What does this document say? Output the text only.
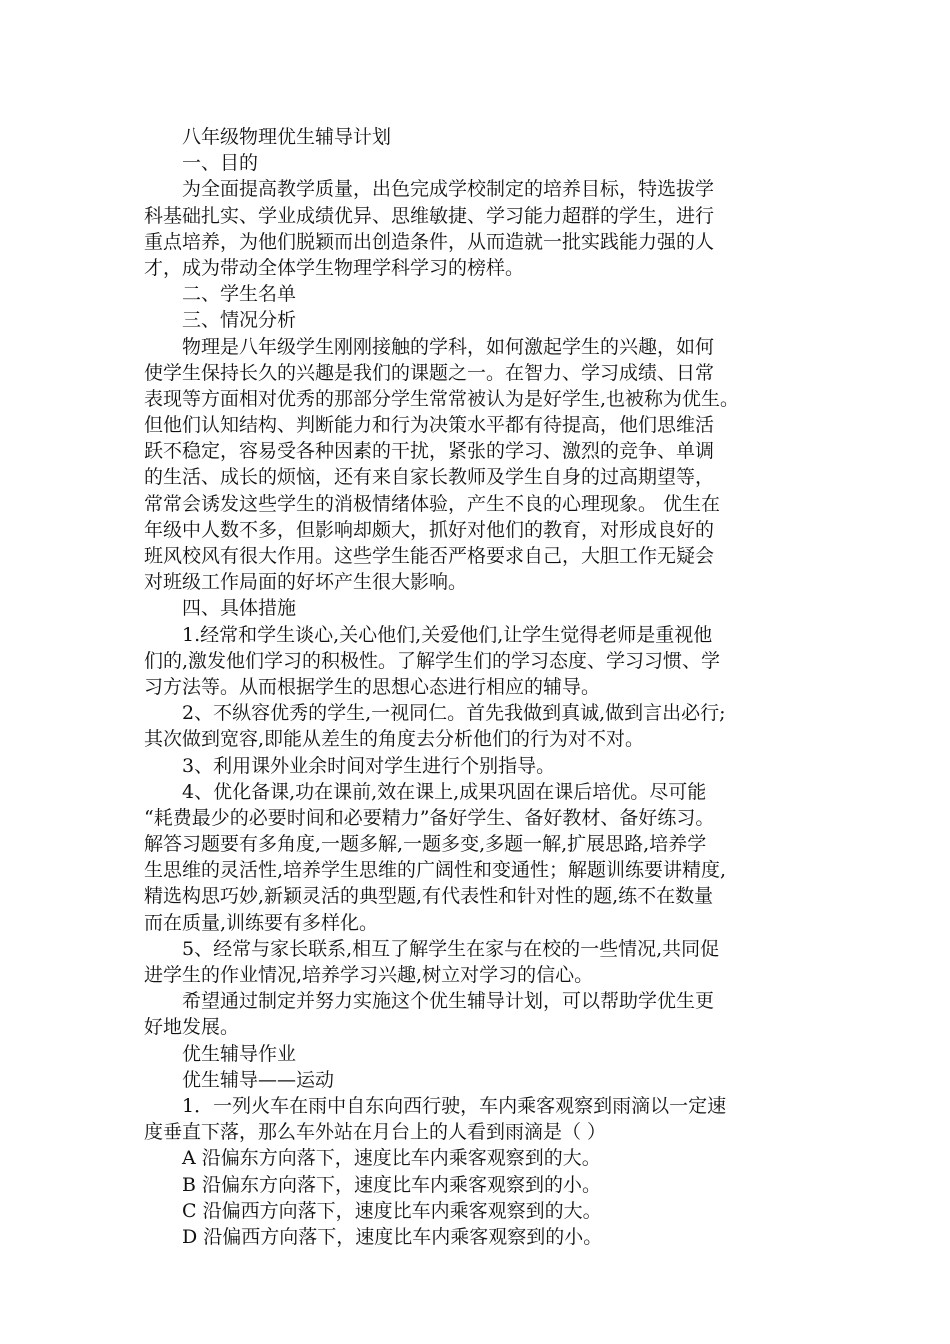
八年级物理优生辅导计划
一、目的
为全面提高教学质量，出色完成学校制定的培养目标，特选拔学
科基础扎实、学业成绩优异、思维敏捷、学习能力超群的学生，进行
重点培养，为他们脱颖而出创造条件，从而造就一批实践能力强的人
才，成为带动全体学生物理学科学习的榜样。
二、学生名单
三、情况分析
物理是八年级学生刚刚接触的学科，如何激起学生的兴趣，如何
使学生保持长久的兴趣是我们的课题之一。在智力、学习成绩、日常
表现等方面相对优秀的那部分学生常常被认为是好学生,也被称为优生。
但他们认知结构、判断能力和行为决策水平都有待提高，他们思维活
跃不稳定，容易受各种因素的干扰，紧张的学习、激烈的竞争、单调
的生活、成长的烦恼，还有来自家长教师及学生自身的过高期望等，
常常会诱发这些学生的消极情绪体验，产生不良的心理现象。 优生在
年级中人数不多，但影响却颇大，抓好对他们的教育，对形成良好的
班风校风有很大作用。这些学生能否严格要求自己，大胆工作无疑会
对班级工作局面的好坏产生很大影响。
四、具体措施
1.经常和学生谈心,关心他们,关爱他们,让学生觉得老师是重视他
们的,激发他们学习的积极性。了解学生们的学习态度、学习习惯、学
习方法等。从而根据学生的思想心态进行相应的辅导。
2、不纵容优秀的学生,一视同仁。首先我做到真诚,做到言出必行;
其次做到宽容,即能从差生的角度去分析他们的行为对不对。
3、利用课外业余时间对学生进行个别指导。
4、优化备课,功在课前,效在课上,成果巩固在课后培优。尽可能
“耗费最少的必要时间和必要精力”备好学生、备好教材、备好练习。
解答习题要有多角度,一题多解,一题多变,多题一解,扩展思路,培养学
生思维的灵活性,培养学生思维的广阔性和变通性；解题训练要讲精度,
精选构思巧妙,新颖灵活的典型题,有代表性和针对性的题,练不在数量
而在质量,训练要有多样化。
5、经常与家长联系,相互了解学生在家与在校的一些情况,共同促
进学生的作业情况,培养学习兴趣,树立对学习的信心。
希望通过制定并努力实施这个优生辅导计划，可以帮助学优生更
好地发展。
优生辅导作业
优生辅导——运动
1．一列火车在雨中自东向西行驶，车内乘客观察到雨滴以一定速
度垂直下落，那么车外站在月台上的人看到雨滴是（ ）
A 沿偏东方向落下，速度比车内乘客观察到的大。
B 沿偏东方向落下，速度比车内乘客观察到的小。
C 沿偏西方向落下，速度比车内乘客观察到的大。
D 沿偏西方向落下，速度比车内乘客观察到的小。
